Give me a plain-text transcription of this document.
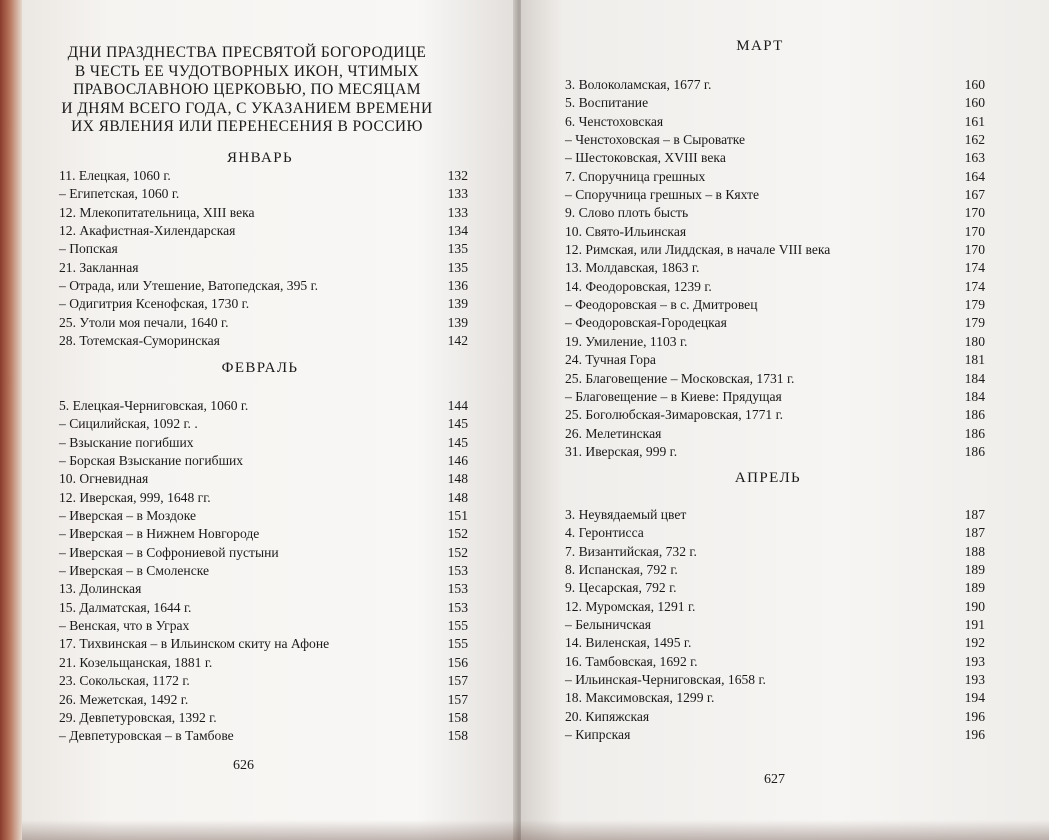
ДНИ ПРАЗДНЕСТВА ПРЕСВЯТОЙ БОГОРОДИЦЕ
В ЧЕСТЬ ЕЕ ЧУДОТВОРНЫХ ИКОН, ЧТИМЫХ
ПРАВОСЛАВНОЮ ЦЕРКОВЬЮ, ПО МЕСЯЦАМ
И ДНЯМ ВСЕГО ГОДА, С УКАЗАНИЕМ ВРЕМЕНИ
ИХ ЯВЛЕНИЯ ИЛИ ПЕРЕНЕСЕНИЯ В РОССИЮ
ЯНВАРЬ
11. Елецкая, 1060 г.	132
– Египетская, 1060 г.	133
12. Млекопитательница, XIII века	133
12. Акафистная-Хилендарская	134
– Попская	135
21. Закланная	135
– Отрада, или Утешение, Ватопедская, 395 г.	136
– Одигитрия Ксенофская, 1730 г.	139
25. Утоли моя печали, 1640 г.	139
28. Тотемская-Суморинская	142
ФЕВРАЛЬ
5. Елецкая-Черниговская, 1060 г.	144
– Сицилийская, 1092 г. .	145
– Взыскание погибших	145
– Борская Взыскание погибших	146
10. Огневидная	148
12. Иверская, 999, 1648 гг.	148
– Иверская – в Моздоке	151
– Иверская – в Нижнем Новгороде	152
– Иверская – в Софрониевой пустыни	152
– Иверская – в Смоленске	153
13. Долинская	153
15. Далматская, 1644 г.	153
– Венская, что в Уграх	155
17. Тихвинская – в Ильинском скиту на Афоне	155
21. Козельщанская, 1881 г.	156
23. Сокольская, 1172 г.	157
26. Межетская, 1492 г.	157
29. Девпетуровская, 1392 г.	158
– Девпетуровская – в Тамбове	158
626
МАРТ
3. Волоколамская, 1677 г.	160
5. Воспитание	160
6. Ченстоховская	161
– Ченстоховская – в Сыроватке	162
– Шестоковская, XVIII века	163
7. Споручница грешных	164
– Споручница грешных – в Кяхте	167
9. Слово плоть бысть	170
10. Свято-Ильинская	170
12. Римская, или Лиддская, в начале VIII века	170
13. Молдавская, 1863 г.	174
14. Феодоровская, 1239 г.	174
– Феодоровская – в с. Дмитровец	179
– Феодоровская-Городецкая	179
19. Умиление, 1103 г.	180
24. Тучная Гора	181
25. Благовещение – Московская, 1731 г.	184
– Благовещение – в Киеве: Прядущая	184
25. Боголюбская-Зимаровская, 1771 г.	186
26. Мелетинская	186
31. Иверская, 999 г.	186
АПРЕЛЬ
3. Неувядаемый цвет	187
4. Геронтисса	187
7. Византийская, 732 г.	188
8. Испанская, 792 г.	189
9. Цесарская, 792 г.	189
12. Муромская, 1291 г.	190
– Белыничская	191
14. Виленская, 1495 г.	192
16. Тамбовская, 1692 г.	193
– Ильинская-Черниговская, 1658 г.	193
18. Максимовская, 1299 г.	194
20. Кипяжская	196
– Кипрская	196
627
